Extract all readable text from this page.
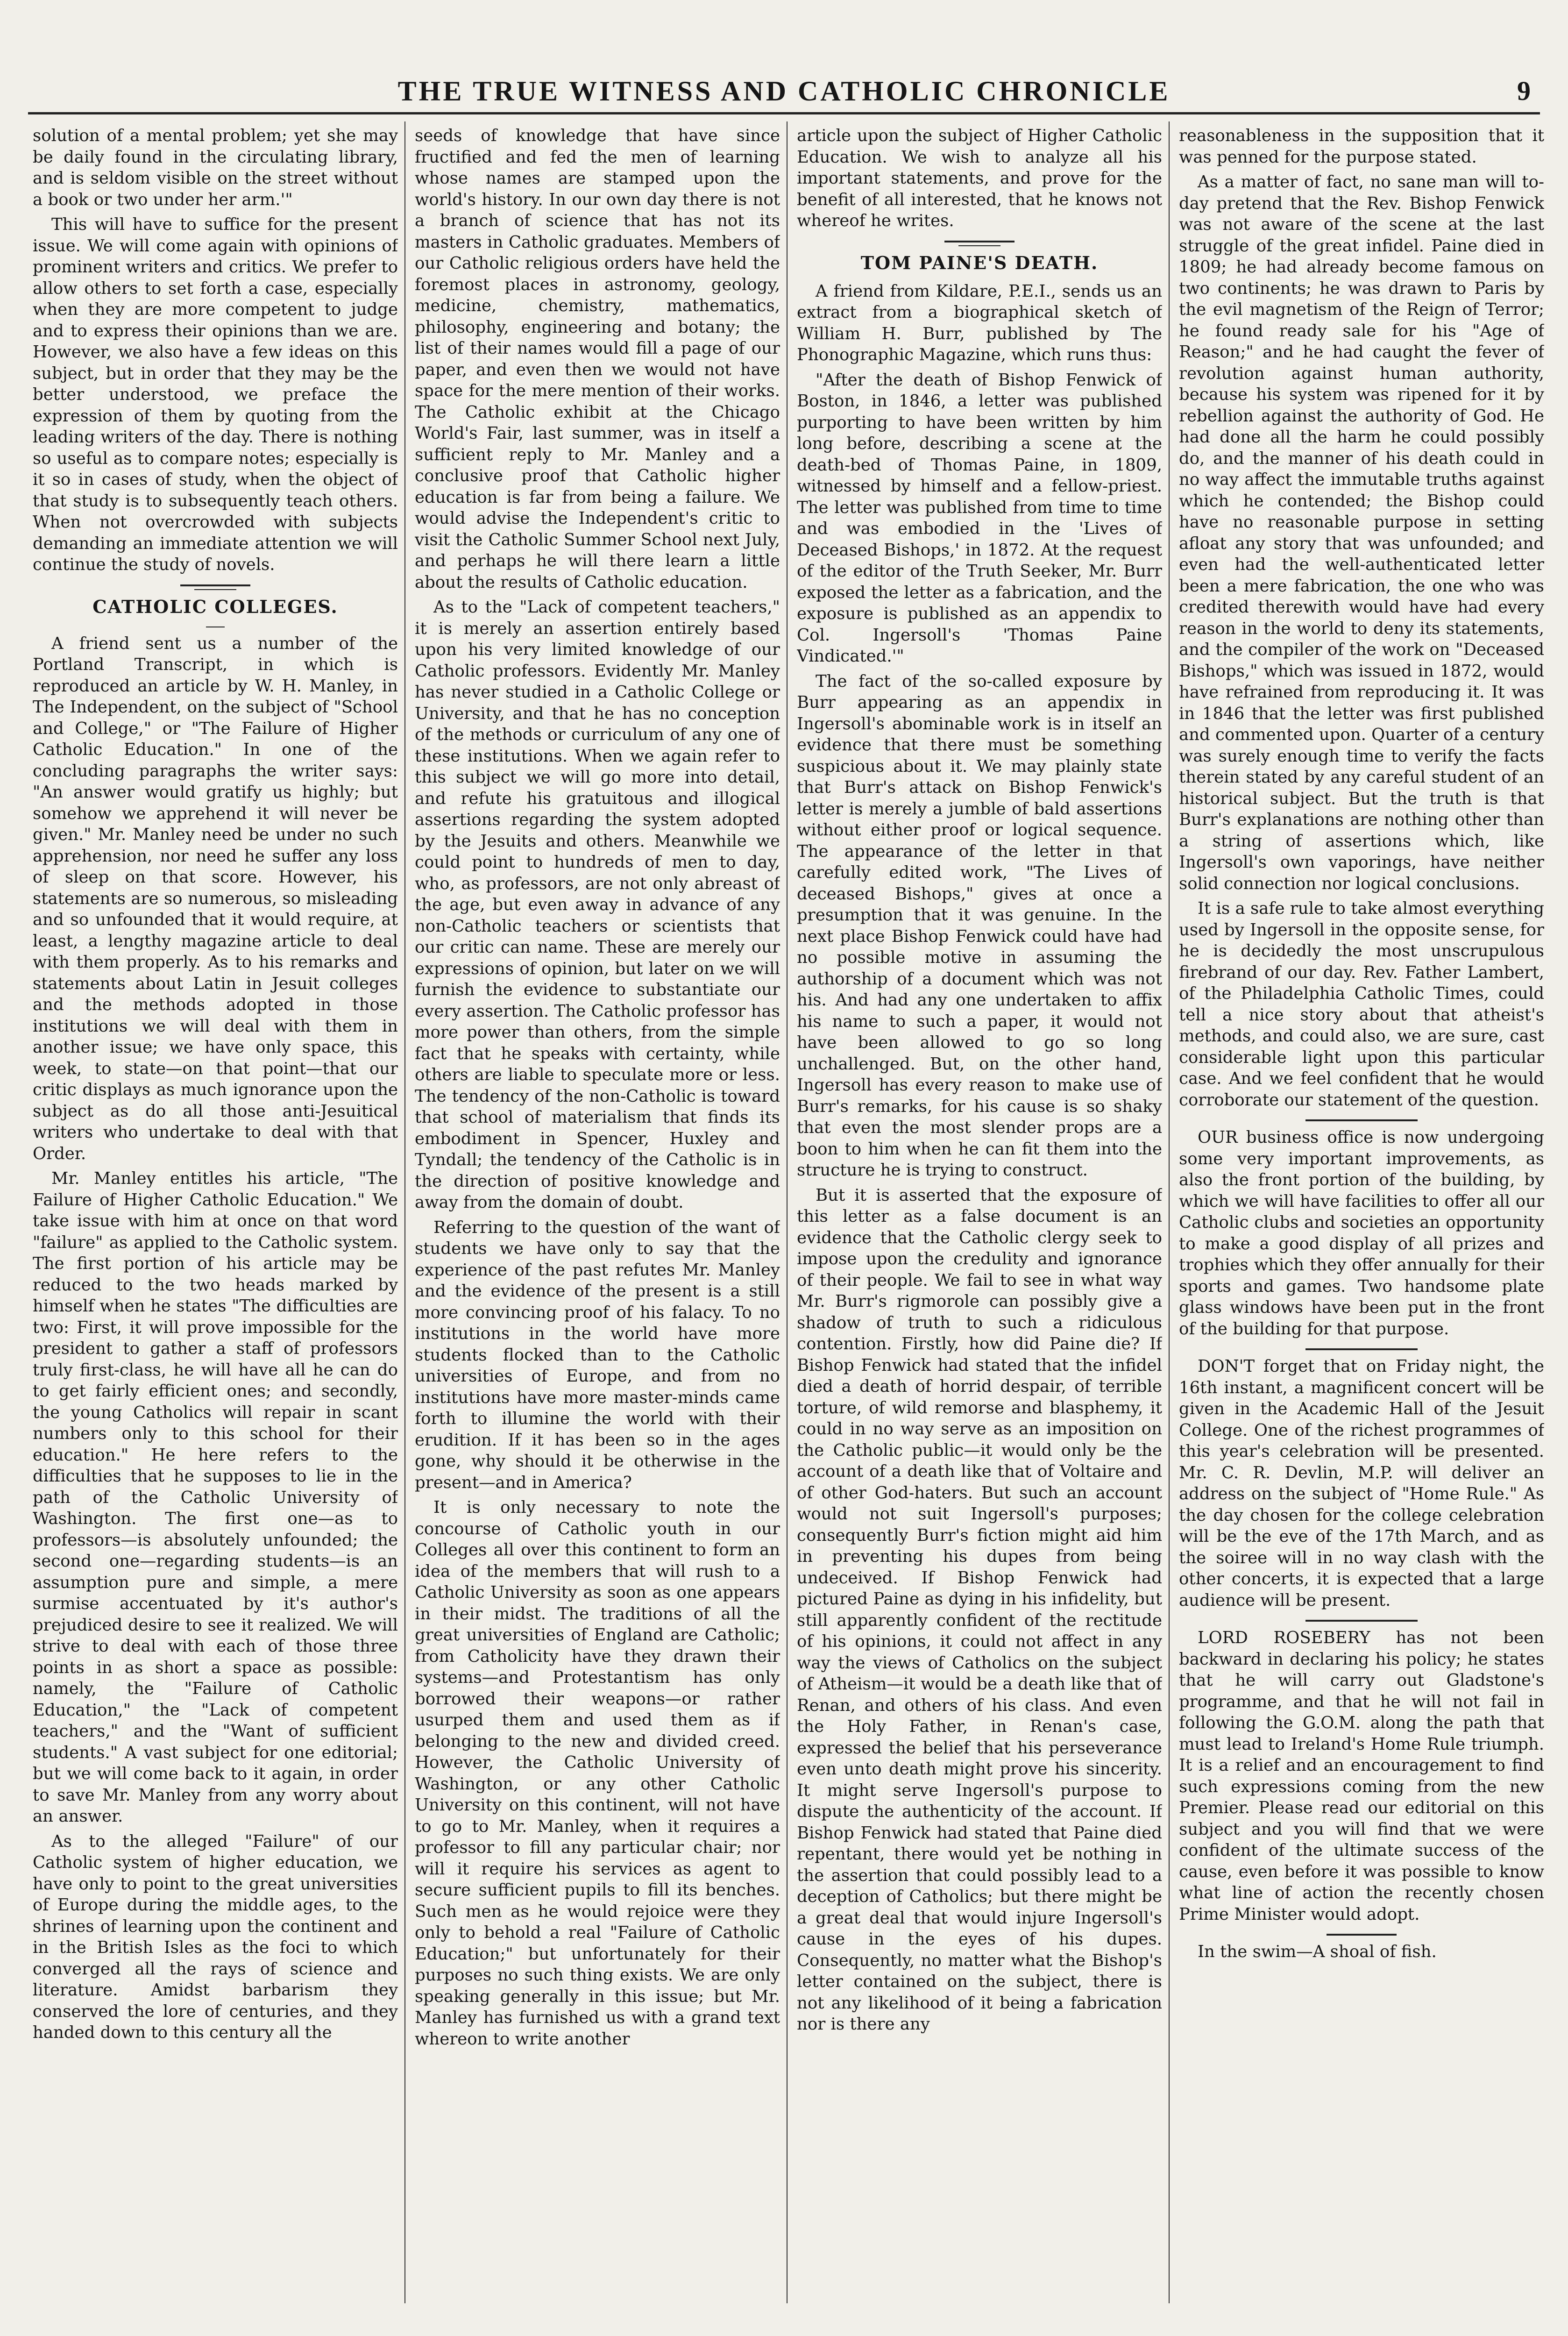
THE TRUE WITNESS AND CATHOLIC CHRONICLE	9

solution of a mental problem; yet she may be daily found in the circulating library, and is seldom visible on the street without a book or two under her arm.'"

This will have to suffice for the present issue. We will come again with opinions of prominent writers and critics. We prefer to allow others to set forth a case, especially when they are more competent to judge and to express their opinions than we are. However, we also have a few ideas on this subject, but in order that they may be the better understood, we preface the expression of them by quoting from the leading writers of the day. There is nothing so useful as to compare notes; especially is it so in cases of study, when the object of that study is to subsequently teach others. When not overcrowded with subjects demanding an immediate attention we will continue the study of novels.

CATHOLIC COLLEGES.

A friend sent us a number of the Portland Transcript, in which is reproduced an article by W. H. Manley, in The Independent, on the subject of "School and College," or "The Failure of Higher Catholic Education." In one of the concluding paragraphs the writer says: "An answer would gratify us highly; but somehow we apprehend it will never be given." Mr. Manley need be under no such apprehension, nor need he suffer any loss of sleep on that score. However, his statements are so numerous, so misleading and so unfounded that it would require, at least, a lengthy magazine article to deal with them properly. As to his remarks and statements about Latin in Jesuit colleges and the methods adopted in those institutions we will deal with them in another issue; we have only space, this week, to state—on that point—that our critic displays as much ignorance upon the subject as do all those anti-Jesuitical writers who undertake to deal with that Order.

Mr. Manley entitles his article, "The Failure of Higher Catholic Education." We take issue with him at once on that word "failure" as applied to the Catholic system. The first portion of his article may be reduced to the two heads marked by himself when he states "The difficulties are two: First, it will prove impossible for the president to gather a staff of professors truly first-class, he will have all he can do to get fairly efficient ones; and secondly, the young Catholics will repair in scant numbers only to this school for their education." He here refers to the difficulties that he supposes to lie in the path of the Catholic University of Washington. The first one—as to professors—is absolutely unfounded; the second one—regarding students—is an assumption pure and simple, a mere surmise accentuated by it's author's prejudiced desire to see it realized. We will strive to deal with each of those three points in as short a space as possible: namely, the "Failure of Catholic Education," the "Lack of competent teachers," and the "Want of sufficient students." A vast subject for one editorial; but we will come back to it again, in order to save Mr. Manley from any worry about an answer.

As to the alleged "Failure" of our Catholic system of higher education, we have only to point to the great universities of Europe during the middle ages, to the shrines of learning upon the continent and in the British Isles as the foci to which converged all the rays of science and literature. Amidst barbarism they conserved the lore of centuries, and they handed down to this century all the

seeds of knowledge that have since fructified and fed the men of learning whose names are stamped upon the world's history. In our own day there is not a branch of science that has not its masters in Catholic graduates. Members of our Catholic religious orders have held the foremost places in astronomy, geology, medicine, chemistry, mathematics, philosophy, engineering and botany; the list of their names would fill a page of our paper, and even then we would not have space for the mere mention of their works. The Catholic exhibit at the Chicago World's Fair, last summer, was in itself a sufficient reply to Mr. Manley and a conclusive proof that Catholic higher education is far from being a failure. We would advise the Independent's critic to visit the Catholic Summer School next July, and perhaps he will there learn a little about the results of Catholic education.

As to the "Lack of competent teachers," it is merely an assertion entirely based upon his very limited knowledge of our Catholic professors. Evidently Mr. Manley has never studied in a Catholic College or University, and that he has no conception of the methods or curriculum of any one of these institutions. When we again refer to this subject we will go more into detail, and refute his gratuitous and illogical assertions regarding the system adopted by the Jesuits and others. Meanwhile we could point to hundreds of men to day, who, as professors, are not only abreast of the age, but even away in advance of any non-Catholic teachers or scientists that our critic can name. These are merely our expressions of opinion, but later on we will furnish the evidence to substantiate our every assertion. The Catholic professor has more power than others, from the simple fact that he speaks with certainty, while others are liable to speculate more or less. The tendency of the non-Catholic is toward that school of materialism that finds its embodiment in Spencer, Huxley and Tyndall; the tendency of the Catholic is in the direction of positive knowledge and away from the domain of doubt.

Referring to the question of the want of students we have only to say that the experience of the past refutes Mr. Manley and the evidence of the present is a still more convincing proof of his falacy. To no institutions in the world have more students flocked than to the Catholic universities of Europe, and from no institutions have more master-minds came forth to illumine the world with their erudition. If it has been so in the ages gone, why should it be otherwise in the present—and in America?

It is only necessary to note the concourse of Catholic youth in our Colleges all over this continent to form an idea of the members that will rush to a Catholic University as soon as one appears in their midst. The traditions of all the great universities of England are Catholic; from Catholicity have they drawn their systems—and Protestantism has only borrowed their weapons—or rather usurped them and used them as if belonging to the new and divided creed. However, the Catholic University of Washington, or any other Catholic University on this continent, will not have to go to Mr. Manley, when it requires a professor to fill any particular chair; nor will it require his services as agent to secure sufficient pupils to fill its benches. Such men as he would rejoice were they only to behold a real "Failure of Catholic Education;" but unfortunately for their purposes no such thing exists. We are only speaking generally in this issue; but Mr. Manley has furnished us with a grand text whereon to write another

article upon the subject of Higher Catholic Education. We wish to analyze all his important statements, and prove for the benefit of all interested, that he knows not whereof he writes.

TOM PAINE'S DEATH.

A friend from Kildare, P.E.I., sends us an extract from a biographical sketch of William H. Burr, published by The Phonographic Magazine, which runs thus:

"After the death of Bishop Fenwick of Boston, in 1846, a letter was published purporting to have been written by him long before, describing a scene at the death-bed of Thomas Paine, in 1809, witnessed by himself and a fellow-priest. The letter was published from time to time and was embodied in the 'Lives of Deceased Bishops,' in 1872. At the request of the editor of the Truth Seeker, Mr. Burr exposed the letter as a fabrication, and the exposure is published as an appendix to Col. Ingersoll's 'Thomas Paine Vindicated.'"

The fact of the so-called exposure by Burr appearing as an appendix in Ingersoll's abominable work is in itself an evidence that there must be something suspicious about it. We may plainly state that Burr's attack on Bishop Fenwick's letter is merely a jumble of bald assertions without either proof or logical sequence. The appearance of the letter in that carefully edited work, "The Lives of deceased Bishops," gives at once a presumption that it was genuine. In the next place Bishop Fenwick could have had no possible motive in assuming the authorship of a document which was not his. And had any one undertaken to affix his name to such a paper, it would not have been allowed to go so long unchallenged. But, on the other hand, Ingersoll has every reason to make use of Burr's remarks, for his cause is so shaky that even the most slender props are a boon to him when he can fit them into the structure he is trying to construct.

But it is asserted that the exposure of this letter as a false document is an evidence that the Catholic clergy seek to impose upon the credulity and ignorance of their people. We fail to see in what way Mr. Burr's rigmorole can possibly give a shadow of truth to such a ridiculous contention. Firstly, how did Paine die? If Bishop Fenwick had stated that the infidel died a death of horrid despair, of terrible torture, of wild remorse and blasphemy, it could in no way serve as an imposition on the Catholic public—it would only be the account of a death like that of Voltaire and of other God-haters. But such an account would not suit Ingersoll's purposes; consequently Burr's fiction might aid him in preventing his dupes from being undeceived. If Bishop Fenwick had pictured Paine as dying in his infidelity, but still apparently confident of the rectitude of his opinions, it could not affect in any way the views of Catholics on the subject of Atheism—it would be a death like that of Renan, and others of his class. And even the Holy Father, in Renan's case, expressed the belief that his perseverance even unto death might prove his sincerity. It might serve Ingersoll's purpose to dispute the authenticity of the account. If Bishop Fenwick had stated that Paine died repentant, there would yet be nothing in the assertion that could possibly lead to a deception of Catholics; but there might be a great deal that would injure Ingersoll's cause in the eyes of his dupes. Consequently, no matter what the Bishop's letter contained on the subject, there is not any likelihood of it being a fabrication nor is there any

reasonableness in the supposition that it was penned for the purpose stated.

As a matter of fact, no sane man will to-day pretend that the Rev. Bishop Fenwick was not aware of the scene at the last struggle of the great infidel. Paine died in 1809; he had already become famous on two continents; he was drawn to Paris by the evil magnetism of the Reign of Terror; he found ready sale for his "Age of Reason;" and he had caught the fever of revolution against human authority, because his system was ripened for it by rebellion against the authority of God. He had done all the harm he could possibly do, and the manner of his death could in no way affect the immutable truths against which he contended; the Bishop could have no reasonable purpose in setting afloat any story that was unfounded; and even had the well-authenticated letter been a mere fabrication, the one who was credited therewith would have had every reason in the world to deny its statements, and the compiler of the work on "Deceased Bishops," which was issued in 1872, would have refrained from reproducing it. It was in 1846 that the letter was first published and commented upon. Quarter of a century was surely enough time to verify the facts therein stated by any careful student of an historical subject. But the truth is that Burr's explanations are nothing other than a string of assertions which, like Ingersoll's own vaporings, have neither solid connection nor logical conclusions.

It is a safe rule to take almost everything used by Ingersoll in the opposite sense, for he is decidedly the most unscrupulous firebrand of our day. Rev. Father Lambert, of the Philadelphia Catholic Times, could tell a nice story about that atheist's methods, and could also, we are sure, cast considerable light upon this particular case. And we feel confident that he would corroborate our statement of the question.

OUR business office is now undergoing some very important improvements, as also the front portion of the building, by which we will have facilities to offer all our Catholic clubs and societies an opportunity to make a good display of all prizes and trophies which they offer annually for their sports and games. Two handsome plate glass windows have been put in the front of the building for that purpose.

DON'T forget that on Friday night, the 16th instant, a magnificent concert will be given in the Academic Hall of the Jesuit College. One of the richest programmes of this year's celebration will be presented. Mr. C. R. Devlin, M.P. will deliver an address on the subject of "Home Rule." As the day chosen for the college celebration will be the eve of the 17th March, and as the soiree will in no way clash with the other concerts, it is expected that a large audience will be present.

LORD ROSEBERY has not been backward in declaring his policy; he states that he will carry out Gladstone's programme, and that he will not fail in following the G.O.M. along the path that must lead to Ireland's Home Rule triumph. It is a relief and an encouragement to find such expressions coming from the new Premier. Please read our editorial on this subject and you will find that we were confident of the ultimate success of the cause, even before it was possible to know what line of action the recently chosen Prime Minister would adopt.

In the swim—A shoal of fish.
